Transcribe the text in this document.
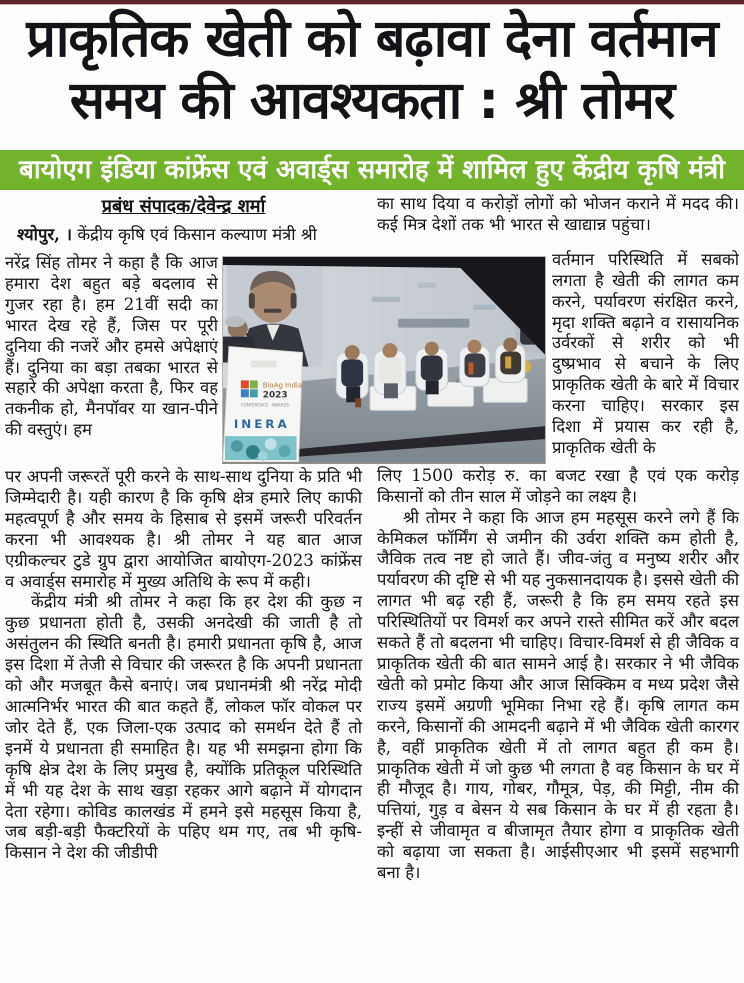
प्राकृतिक खेती को बढ़ावा देना वर्तमान
समय की आवश्यकता : श्री तोमर
बायोएग इंडिया कांफ्रेंस एवं अवार्ड्स समारोह में शामिल हुए केंद्रीय कृषि मंत्री
प्रबंध संपादक/देवेन्द्र शर्मा

श्योपुर, । केंद्रीय कृषि एवं किसान कल्याण मंत्री श्री

नरेंद्र सिंह तोमर ने कहा है कि आज हमारा देश बहुत बड़े बदलाव से गुजर रहा है। हम 21वीं सदी का भारत देख रहे हैं, जिस पर पूरी दुनिया की नजरें और हमसे अपेक्षाएं हैं। दुनिया का बड़ा तबका भारत से सहारे की अपेक्षा करता है, फिर वह तकनीक हो, मैनपॉवर या खान-पीने की वस्तुएं। हम

पर अपनी जरूरतें पूरी करने के साथ-साथ दुनिया के प्रति भी जिम्मेदारी है। यही कारण है कि कृषि क्षेत्र हमारे लिए काफी महत्वपूर्ण है और समय के हिसाब से इसमें जरूरी परिवर्तन करना भी आवश्यक है। श्री तोमर ने यह बात आज एग्रीकल्चर टुडे ग्रुप द्वारा आयोजित बायोएग-2023 कांफ्रेंस व अवार्ड्स समारोह में मुख्य अतिथि के रूप में कही।

केंद्रीय मंत्री श्री तोमर ने कहा कि हर देश की कुछ न कुछ प्रधानता होती है, उसकी अनदेखी की जाती है तो असंतुलन की स्थिति बनती है। हमारी प्रधानता कृषि है, आज इस दिशा में तेजी से विचार की जरूरत है कि अपनी प्रधानता को और मजबूत कैसे बनाएं। जब प्रधानमंत्री श्री नरेंद्र मोदी आत्मनिर्भर भारत की बात कहते हैं, लोकल फॉर वोकल पर जोर देते हैं, एक जिला-एक उत्पाद को समर्थन देते हैं तो इनमें ये प्रधानता ही समाहित है। यह भी समझना होगा कि कृषि क्षेत्र देश के लिए प्रमुख है, क्योंकि प्रतिकूल परिस्थिति में भी यह देश के साथ खड़ा रहकर आगे बढ़ाने में योगदान देता रहेगा। कोविड कालखंड में हमने इसे महसूस किया है, जब बड़ी-बड़ी फैक्टरियों के पहिए थम गए, तब भी कृषि-किसान ने देश की जीडीपी

का साथ दिया व करोड़ों लोगों को भोजन कराने में मदद की। कई मित्र देशों तक भी भारत से खाद्यान्न पहुंचा।

वर्तमान परिस्थिति में सबको लगता है खेती की लागत कम करने, पर्यावरण संरक्षित करने, मृदा शक्ति बढ़ाने व रासायनिक उर्वरकों से शरीर को भी दुष्प्रभाव से बचाने के लिए प्राकृतिक खेती के बारे में विचार करना चाहिए। सरकार इस दिशा में प्रयास कर रही है, प्राकृतिक खेती के

लिए 1500 करोड़ रु. का बजट रखा है एवं एक करोड़ किसानों को तीन साल में जोड़ने का लक्ष्य है।

श्री तोमर ने कहा कि आज हम महसूस करने लगे हैं कि केमिकल फॉर्मिंग से जमीन की उर्वरा शक्ति कम होती है, जैविक तत्व नष्ट हो जाते हैं। जीव-जंतु व मनुष्य शरीर और पर्यावरण की दृष्टि से भी यह नुकसानदायक है। इससे खेती की लागत भी बढ़ रही हैं, जरूरी है कि हम समय रहते इस परिस्थितियों पर विमर्श कर अपने रास्ते सीमित करें और बदल सकते हैं तो बदलना भी चाहिए। विचार-विमर्श से ही जैविक व प्राकृतिक खेती की बात सामने आई है। सरकार ने भी जैविक खेती को प्रमोट किया और आज सिक्किम व मध्य प्रदेश जैसे राज्य इसमें अग्रणी भूमिका निभा रहे हैं। कृषि लागत कम करने, किसानों की आमदनी बढ़ाने में भी जैविक खेती कारगर है, वहीं प्राकृतिक खेती में तो लागत बहुत ही कम है। प्राकृतिक खेती में जो कुछ भी लगता है वह किसान के घर में ही मौजूद है। गाय, गोबर, गौमूत्र, पेड़, की मिट्टी, नीम की पत्तियां, गुड़ व बेसन ये सब किसान के घर में ही रहता है। इन्हीं से जीवामृत व बीजामृत तैयार होगा व प्राकृतिक खेती को बढ़ाया जा सकता है। आईसीएआर भी इसमें सहभागी बना है।

BioAg India
2023
CONFERENCE · AWARDS
INERA
